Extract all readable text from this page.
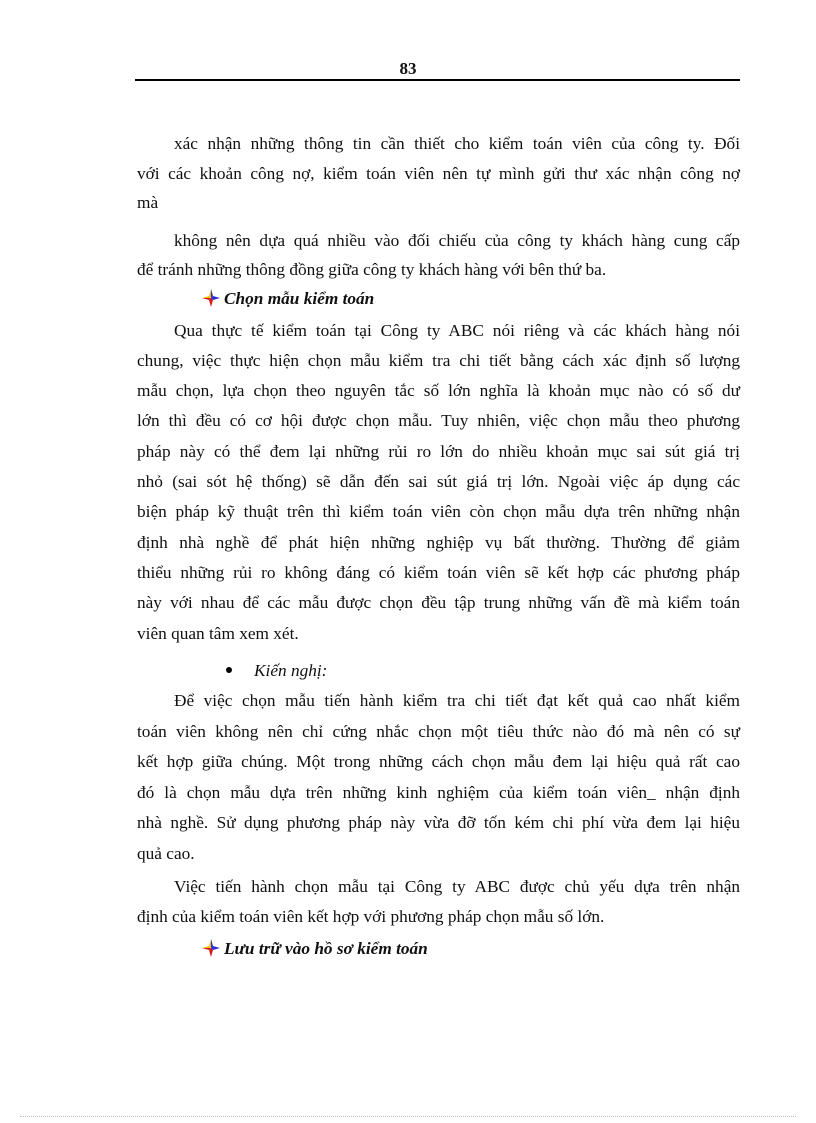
83
xác nhận những thông tin cần thiết cho kiểm toán viên của công ty. Đối
với các khoản công nợ, kiểm toán viên nên tự mình gửi thư xác nhận công nợ
mà
không nên dựa quá nhiều vào đối chiếu của công ty khách hàng cung cấp
để tránh những thông đồng giữa công ty khách hàng với bên thứ ba.
Chọn mẫu kiểm toán
Qua thực tế kiểm toán tại Công ty ABC nói riêng và các khách hàng nói
chung, việc thực hiện chọn mẫu kiểm tra chi tiết bằng cách xác định số lượng
mẫu chọn, lựa chọn theo nguyên tắc số lớn nghĩa là khoản mục nào có số dư
lớn thì đều có cơ hội được chọn mẫu. Tuy nhiên, việc chọn mẫu theo phương
pháp này có thể đem lại những rủi ro lớn do nhiều khoản mục sai sút giá trị
nhỏ (sai sót hệ thống) sẽ dẫn đến sai sút giá trị lớn. Ngoài việc áp dụng các
biện pháp kỹ thuật trên thì kiểm toán viên còn chọn mẫu dựa trên những nhận
định nhà nghề để phát hiện những nghiệp vụ bất thường. Thường để giảm
thiểu những rủi ro không đáng có kiểm toán viên sẽ kết hợp các phương pháp
này với nhau để các mẫu được chọn đều tập trung những vấn đề mà kiểm toán
viên quan tâm xem xét.
Kiến nghị:
Để việc chọn mẫu tiến hành kiểm tra chi tiết đạt kết quả cao nhất kiểm
toán viên không nên chỉ cứng nhắc chọn một tiêu thức nào đó mà nên có sự
kết hợp giữa chúng. Một trong những cách chọn mẫu đem lại hiệu quả rất cao
đó là chọn mẫu dựa trên những kinh nghiệm của kiểm toán viên_ nhận định
nhà nghề. Sử dụng phương pháp này vừa đỡ tốn kém chi phí vừa đem lại hiệu
quả cao.
Việc tiến hành chọn mẫu tại Công ty ABC được chủ yếu dựa trên nhận
định của kiểm toán viên kết hợp với phương pháp chọn mẫu số lớn.
Lưu trữ vào hồ sơ kiểm toán
